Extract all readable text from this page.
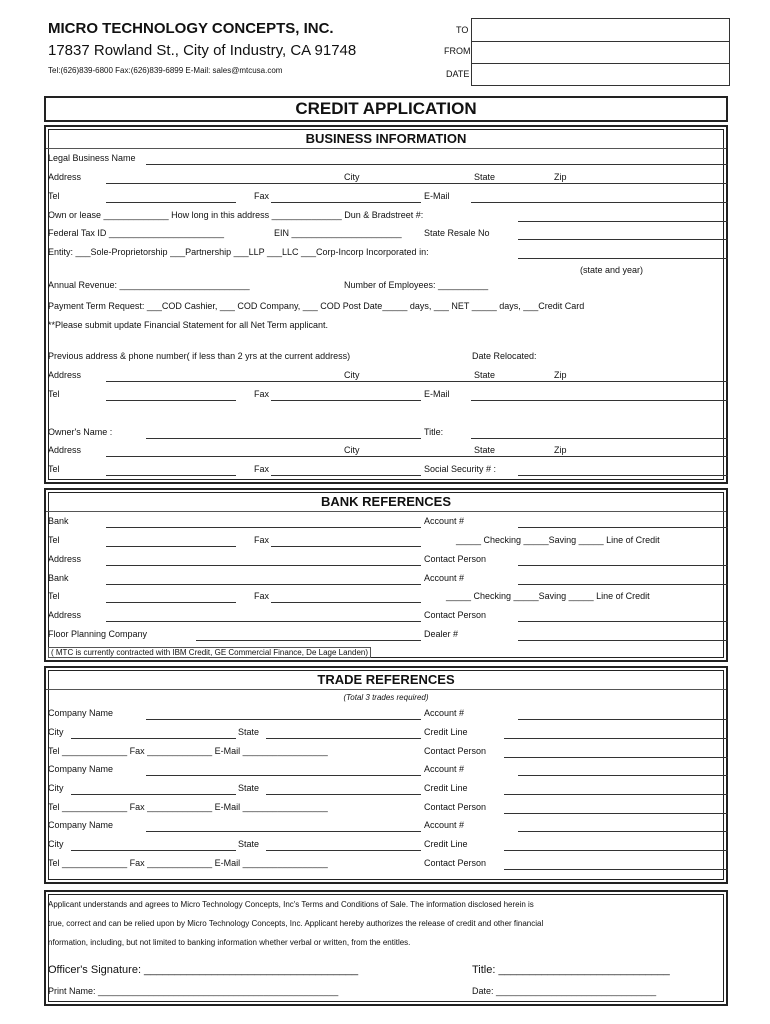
MICRO TECHNOLOGY CONCEPTS, INC.
17837 Rowland St., City of Industry, CA 91748
Tel:(626)839-6800 Fax:(626)839-6899 E-Mail: sales@mtcusa.com
TO
FROM
DATE
CREDIT APPLICATION
BUSINESS INFORMATION
Legal Business Name
Address	City	State	Zip
Tel	Fax	E-Mail
Own or lease _____________ How long in this address ______________ Dun & Bradstreet #:
Federal Tax ID _______________________	EIN ______________________ State Resale No
Entity: ___Sole-Proprietorship ___Partnership ___LLP ___LLC ___Corp-Incorp Incorporated in:
(state and year)
Annual Revenue: __________________________	Number of Employees: __________
Payment Term Request: ___COD Cashier, ___ COD Company, ___ COD Post Date_____ days, ___ NET _____ days, ___Credit Card
**Please submit update Financial Statement for all Net Term applicant.
Previous address & phone number( if less than 2 yrs at the current address)	Date Relocated:
Address	City	State	Zip
Tel	Fax	E-Mail
Owner's Name :	Title:
Address	City	State	Zip
Tel	Fax	Social Security # :
BANK REFERENCES
Bank	Account #
Tel	Fax	_____ Checking _____Saving _____ Line of Credit
Address	Contact Person
Bank	Account #
Tel	Fax	_____ Checking _____Saving _____ Line of Credit
Address	Contact Person
Floor Planning Company	Dealer #
( MTC is currently contracted with IBM Credit, GE Commercial Finance, De Lage Landen)
TRADE REFERENCES
(Total 3 trades required)
Company Name	Account #
City	State	Credit Line
Tel _____________ Fax _____________ E-Mail _________________	Contact Person
Company Name	Account #
City	State	Credit Line
Tel _____________ Fax _____________ E-Mail _________________	Contact Person
Company Name	Account #
City	State	Credit Line
Tel _____________ Fax _____________ E-Mail _________________	Contact Person
Applicant understands and agrees to Micro Technology Concepts, Inc's Terms and Conditions of Sale. The information disclosed herein is
true, correct and can be relied upon by Micro Technology Concepts, Inc. Applicant hereby authorizes the release of credit and other financial
nformation, including, but not limited to banking information whether verbal or written, from the entitles.
Officer's Signature: ___________________________________	Title: ____________________________
Print Name: ________________________________________________	Date: ________________________________
